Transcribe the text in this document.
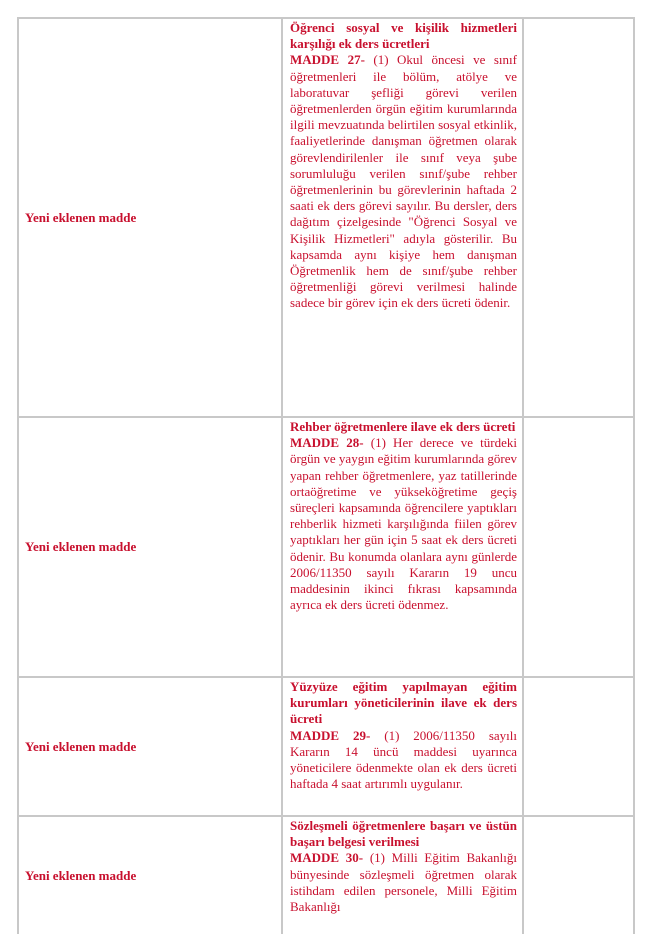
Yeni eklenen madde	Öğrenci sosyal ve kişilik hizmetleri karşılığı ek ders ücretleri
MADDE 27- (1) Okul öncesi ve sınıf öğretmenleri ile bölüm, atölye ve laboratuvar şefliği görevi verilen öğretmenlerden örgün eğitim kurumlarında ilgili mevzuatında belirtilen sosyal etkinlik, faaliyetlerinde danışman öğretmen olarak görevlendirilenler ile sınıf veya şube sorumluluğu verilen sınıf/şube rehber öğretmenlerinin bu görevlerinin haftada 2 saati ek ders görevi sayılır. Bu dersler, ders dağıtım çizelgesinde "Öğrenci Sosyal ve Kişilik Hizmetleri" adıyla gösterilir. Bu kapsamda aynı kişiye hem danışman Öğretmenlik hem de sınıf/şube rehber öğretmenliği görevi verilmesi halinde sadece bir görev için ek ders ücreti ödenir.	
Yeni eklenen madde	Rehber öğretmenlere ilave ek ders ücreti
MADDE 28- (1) Her derece ve türdeki örgün ve yaygın eğitim kurumlarında görev yapan rehber öğretmenlere, yaz tatillerinde ortaöğretime ve yükseköğretime geçiş süreçleri kapsamında öğrencilere yaptıkları rehberlik hizmeti karşılığında fiilen görev yaptıkları her gün için 5 saat ek ders ücreti ödenir. Bu konumda olanlara aynı günlerde 2006/11350 sayılı Kararın 19 uncu maddesinin ikinci fıkrası kapsamında ayrıca ek ders ücreti ödenmez.	
Yeni eklenen madde	Yüzyüze eğitim yapılmayan eğitim kurumları yöneticilerinin ilave ek ders ücreti
MADDE 29- (1) 2006/11350 sayılı Kararın 14 üncü maddesi uyarınca yöneticilere ödenmekte olan ek ders ücreti haftada 4 saat artırımlı uygulanır.	
Yeni eklenen madde	Sözleşmeli öğretmenlere başarı ve üstün başarı belgesi verilmesi
MADDE 30- (1) Milli Eğitim Bakanlığı bünyesinde sözleşmeli öğretmen olarak istihdam edilen personele, Milli Eğitim Bakanlığı	
